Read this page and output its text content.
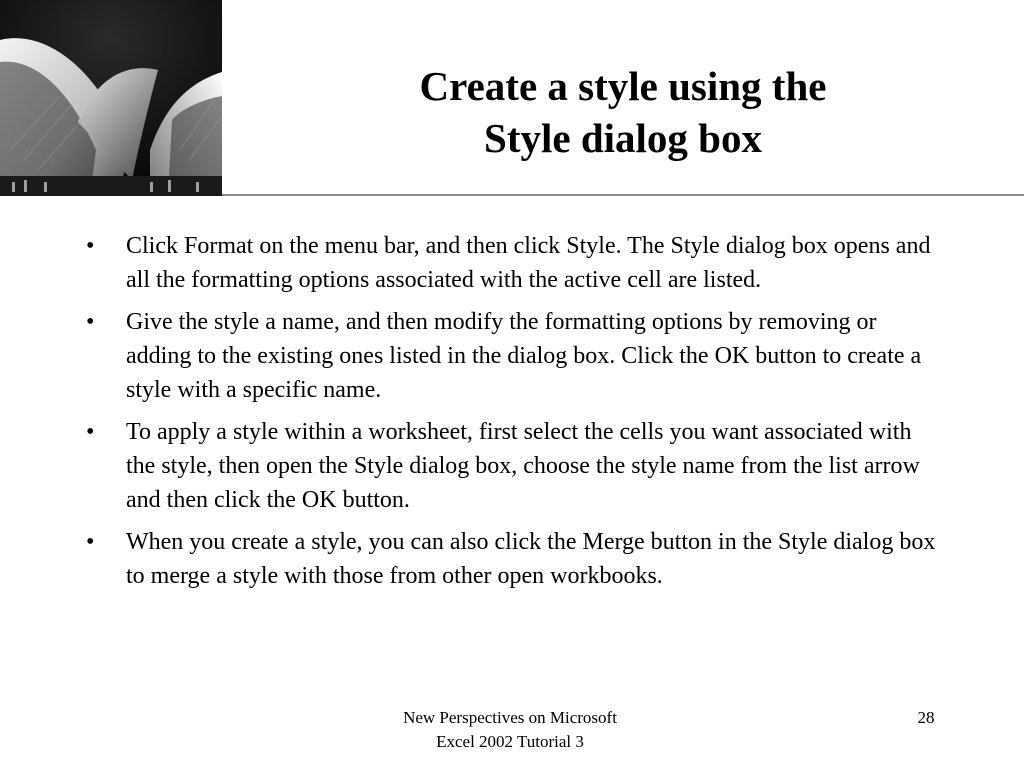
Create a style using the
Style dialog box
• Click Format on the menu bar, and then click Style. The Style dialog box opens and all the formatting options associated with the active cell are listed.
• Give the style a name, and then modify the formatting options by removing or adding to the existing ones listed in the dialog box. Click the OK button to create a style with a specific name.
• To apply a style within a worksheet, first select the cells you want associated with the style, then open the Style dialog box, choose the style name from the list arrow and then click the OK button.
• When you create a style, you can also click the Merge button in the Style dialog box to merge a style with those from other open workbooks.
New Perspectives on Microsoft
Excel 2002 Tutorial 3
28
